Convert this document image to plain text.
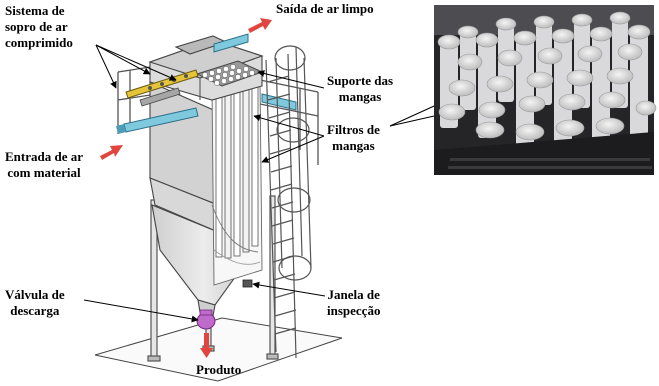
Sistema de
sopro de ar
comprimido

Saída de ar limpo

Suporte das
mangas

Filtros de
mangas

Entrada de ar
com material

Válvula de
descarga

Janela de
inspecção

Produto
